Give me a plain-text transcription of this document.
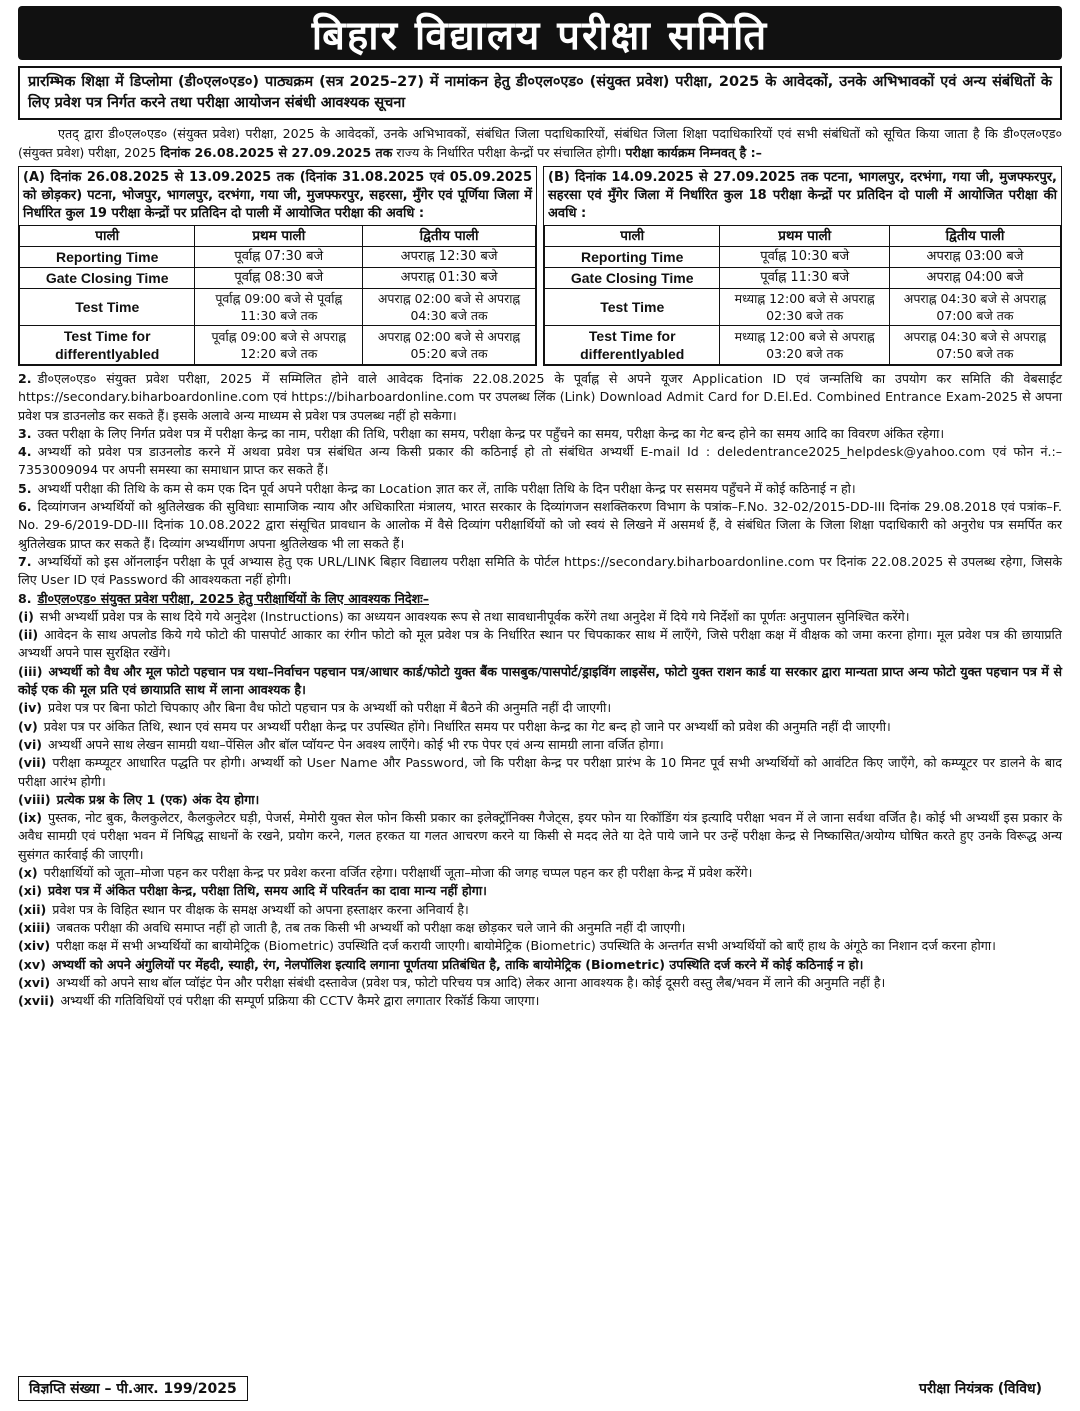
बिहार विद्यालय परीक्षा समिति
प्रारम्भिक शिक्षा में डिप्लोमा (डी०एल०एड०) पाठ्यक्रम (सत्र 2025–27) में नामांकन हेतु डी०एल०एड० (संयुक्त प्रवेश) परीक्षा, 2025 के आवेदकों, उनके अभिभावकों एवं अन्य संबंधितों के लिए प्रवेश पत्र निर्गत करने तथा परीक्षा आयोजन संबंधी आवश्यक सूचना
एतद् द्वारा डी०एल०एड० (संयुक्त प्रवेश) परीक्षा, 2025 के आवेदकों, उनके अभिभावकों, संबंधित जिला पदाधिकारियों, संबंधित जिला शिक्षा पदाधिकारियों एवं सभी संबंधितों को सूचित किया जाता है कि डी०एल०एड० (संयुक्त प्रवेश) परीक्षा, 2025 दिनांक 26.08.2025 से 27.09.2025 तक राज्य के निर्धारित परीक्षा केन्द्रों पर संचालित होगी। परीक्षा कार्यक्रम निम्नवत् है :–
(A) दिनांक 26.08.2025 से 13.09.2025 तक (दिनांक 31.08.2025 एवं 05.09.2025 को छोड़कर) पटना, भोजपुर, भागलपुर, दरभंगा, गया जी, मुजफ्फरपुर, सहरसा, मुँगेर एवं पूर्णिया जिला में निर्धारित कुल 19 परीक्षा केन्द्रों पर प्रतिदिन दो पाली में आयोजित परीक्षा की अवधि :
पाली	प्रथम पाली	द्वितीय पाली
Reporting Time	पूर्वाह्न 07:30 बजे	अपराह्न 12:30 बजे
Gate Closing Time	पूर्वाह्न 08:30 बजे	अपराह्न 01:30 बजे
Test Time	पूर्वाह्न 09:00 बजे से पूर्वाह्न 11:30 बजे तक	अपराह्न 02:00 बजे से अपराह्न 04:30 बजे तक
Test Time for differentlyabled	पूर्वाह्न 09:00 बजे से अपराह्न 12:20 बजे तक	अपराह्न 02:00 बजे से अपराह्न 05:20 बजे तक
(B) दिनांक 14.09.2025 से 27.09.2025 तक पटना, भागलपुर, दरभंगा, गया जी, मुजफ्फरपुर, सहरसा एवं मुँगेर जिला में निर्धारित कुल 18 परीक्षा केन्द्रों पर प्रतिदिन दो पाली में आयोजित परीक्षा की अवधि :
पाली	प्रथम पाली	द्वितीय पाली
Reporting Time	पूर्वाह्न 10:30 बजे	अपराह्न 03:00 बजे
Gate Closing Time	पूर्वाह्न 11:30 बजे	अपराह्न 04:00 बजे
Test Time	मध्याह्न 12:00 बजे से अपराह्न 02:30 बजे तक	अपराह्न 04:30 बजे से अपराह्न 07:00 बजे तक
Test Time for differentlyabled	मध्याह्न 12:00 बजे से अपराह्न 03:20 बजे तक	अपराह्न 04:30 बजे से अपराह्न 07:50 बजे तक

2. डी०एल०एड० संयुक्त प्रवेश परीक्षा, 2025 में सम्मिलित होने वाले आवेदक दिनांक 22.08.2025 के पूर्वाह्न से अपने यूजर Application ID एवं जन्मतिथि का उपयोग कर समिति की वेबसाईट https://secondary.biharboardonline.com एवं https://biharboardonline.com पर उपलब्ध लिंक (Link) Download Admit Card for D.El.Ed. Combined Entrance Exam-2025 से अपना प्रवेश पत्र डाउनलोड कर सकते हैं। इसके अलावे अन्य माध्यम से प्रवेश पत्र उपलब्ध नहीं हो सकेगा।

3. उक्त परीक्षा के लिए निर्गत प्रवेश पत्र में परीक्षा केन्द्र का नाम, परीक्षा की तिथि, परीक्षा का समय, परीक्षा केन्द्र पर पहुँचने का समय, परीक्षा केन्द्र का गेट बन्द होने का समय आदि का विवरण अंकित रहेगा।

4. अभ्यर्थी को प्रवेश पत्र डाउनलोड करने में अथवा प्रवेश पत्र संबंधित अन्य किसी प्रकार की कठिनाई हो तो संबंधित अभ्यर्थी E-mail Id : deledentrance2025_helpdesk@yahoo.com एवं फोन नं.:–7353009094 पर अपनी समस्या का समाधान प्राप्त कर सकते हैं।

5. अभ्यर्थी परीक्षा की तिथि के कम से कम एक दिन पूर्व अपने परीक्षा केन्द्र का Location ज्ञात कर लें, ताकि परीक्षा तिथि के दिन परीक्षा केन्द्र पर ससमय पहुँचने में कोई कठिनाई न हो।

6. दिव्यांगजन अभ्यर्थियों को श्रुतिलेखक की सुविधाः सामाजिक न्याय और अधिकारिता मंत्रालय, भारत सरकार के दिव्यांगजन सशक्तिकरण विभाग के पत्रांक–F.No. 32-02/2015-DD-III दिनांक 29.08.2018 एवं पत्रांक–F. No. 29-6/2019-DD-III दिनांक 10.08.2022 द्वारा संसूचित प्रावधान के आलोक में वैसे दिव्यांग परीक्षार्थियों को जो स्वयं से लिखने में असमर्थ हैं, वे संबंधित जिला के जिला शिक्षा पदाधिकारी को अनुरोध पत्र समर्पित कर श्रुतिलेखक प्राप्त कर सकते हैं। दिव्यांग अभ्यर्थीगण अपना श्रुतिलेखक भी ला सकते हैं।

7. अभ्यर्थियों को इस ऑनलाईन परीक्षा के पूर्व अभ्यास हेतु एक URL/LINK बिहार विद्यालय परीक्षा समिति के पोर्टल https://secondary.biharboardonline.com पर दिनांक 22.08.2025 से उपलब्ध रहेगा, जिसके लिए User ID एवं Password की आवश्यकता नहीं होगी।

8. डी०एल०एड० संयुक्त प्रवेश परीक्षा, 2025 हेतु परीक्षार्थियों के लिए आवश्यक निदेशः–

(i) सभी अभ्यर्थी प्रवेश पत्र के साथ दिये गये अनुदेश (Instructions) का अध्ययन आवश्यक रूप से तथा सावधानीपूर्वक करेंगे तथा अनुदेश में दिये गये निर्देशों का पूर्णतः अनुपालन सुनिश्चित करेंगे।

(ii) आवेदन के साथ अपलोड किये गये फोटो की पासपोर्ट आकार का रंगीन फोटो को मूल प्रवेश पत्र के निर्धारित स्थान पर चिपकाकर साथ में लाएँगे, जिसे परीक्षा कक्ष में वीक्षक को जमा करना होगा। मूल प्रवेश पत्र की छायाप्रति अभ्यर्थी अपने पास सुरक्षित रखेंगे।

(iii) अभ्यर्थी को वैध और मूल फोटो पहचान पत्र यथा–निर्वाचन पहचान पत्र/आधार कार्ड/फोटो युक्त बैंक पासबुक/पासपोर्ट/ड्राइविंग लाइसेंस, फोटो युक्त राशन कार्ड या सरकार द्वारा मान्यता प्राप्त अन्य फोटो युक्त पहचान पत्र में से कोई एक की मूल प्रति एवं छायाप्रति साथ में लाना आवश्यक है।

(iv) प्रवेश पत्र पर बिना फोटो चिपकाए और बिना वैध फोटो पहचान पत्र के अभ्यर्थी को परीक्षा में बैठने की अनुमति नहीं दी जाएगी।

(v) प्रवेश पत्र पर अंकित तिथि, स्थान एवं समय पर अभ्यर्थी परीक्षा केन्द्र पर उपस्थित होंगे। निर्धारित समय पर परीक्षा केन्द्र का गेट बन्द हो जाने पर अभ्यर्थी को प्रवेश की अनुमति नहीं दी जाएगी।

(vi) अभ्यर्थी अपने साथ लेखन सामग्री यथा–पेंसिल और बॉल प्वॉयन्ट पेन अवश्य लाएँगे। कोई भी रफ पेपर एवं अन्य सामग्री लाना वर्जित होगा।

(vii) परीक्षा कम्प्यूटर आधारित पद्धति पर होगी। अभ्यर्थी को User Name और Password, जो कि परीक्षा केन्द्र पर परीक्षा प्रारंभ के 10 मिनट पूर्व सभी अभ्यर्थियों को आवंटित किए जाएँगे, को कम्प्यूटर पर डालने के बाद परीक्षा आरंभ होगी।

(viii) प्रत्येक प्रश्न के लिए 1 (एक) अंक देय होगा।

(ix) पुस्तक, नोट बुक, कैलकुलेटर, कैलकुलेटर घड़ी, पेजर्स, मेमोरी युक्त सेल फोन किसी प्रकार का इलेक्ट्रॉनिक्स गैजेट्स, इयर फोन या रिकॉडिंग यंत्र इत्यादि परीक्षा भवन में ले जाना सर्वथा वर्जित है। कोई भी अभ्यर्थी इस प्रकार के अवैध सामग्री एवं परीक्षा भवन में निषिद्ध साधनों के रखने, प्रयोग करने, गलत हरकत या गलत आचरण करने या किसी से मदद लेते या देते पाये जाने पर उन्हें परीक्षा केन्द्र से निष्कासित/अयोग्य घोषित करते हुए उनके विरूद्ध अन्य सुसंगत कार्रवाई की जाएगी।

(x) परीक्षार्थियों को जूता–मोजा पहन कर परीक्षा केन्द्र पर प्रवेश करना वर्जित रहेगा। परीक्षार्थी जूता–मोजा की जगह चप्पल पहन कर ही परीक्षा केन्द्र में प्रवेश करेंगे।

(xi) प्रवेश पत्र में अंकित परीक्षा केन्द्र, परीक्षा तिथि, समय आदि में परिवर्तन का दावा मान्य नहीं होगा।

(xii) प्रवेश पत्र के विहित स्थान पर वीक्षक के समक्ष अभ्यर्थी को अपना हस्ताक्षर करना अनिवार्य है।

(xiii) जबतक परीक्षा की अवधि समाप्त नहीं हो जाती है, तब तक किसी भी अभ्यर्थी को परीक्षा कक्ष छोड़कर चले जाने की अनुमति नहीं दी जाएगी।

(xiv) परीक्षा कक्ष में सभी अभ्यर्थियों का बायोमेट्रिक (Biometric) उपस्थिति दर्ज करायी जाएगी। बायोमेट्रिक (Biometric) उपस्थिति के अन्तर्गत सभी अभ्यर्थियों को बाएँ हाथ के अंगूठे का निशान दर्ज करना होगा।

(xv) अभ्यर्थी को अपने अंगुलियों पर मेंहदी, स्याही, रंग, नेलपॉलिश इत्यादि लगाना पूर्णतया प्रतिबंधित है, ताकि बायोमेट्रिक (Biometric) उपस्थिति दर्ज करने में कोई कठिनाई न हो।

(xvi) अभ्यर्थी को अपने साथ बॉल प्वॉइंट पेन और परीक्षा संबंधी दस्तावेज (प्रवेश पत्र, फोटो परिचय पत्र आदि) लेकर आना आवश्यक है। कोई दूसरी वस्तु लैब/भवन में लाने की अनुमति नहीं है।

(xvii) अभ्यर्थी की गतिविधियों एवं परीक्षा की सम्पूर्ण प्रक्रिया की CCTV कैमरे द्वारा लगातार रिकॉर्ड किया जाएगा।

विज्ञप्ति संख्या – पी.आर. 199/2025	परीक्षा नियंत्रक (विविध)
